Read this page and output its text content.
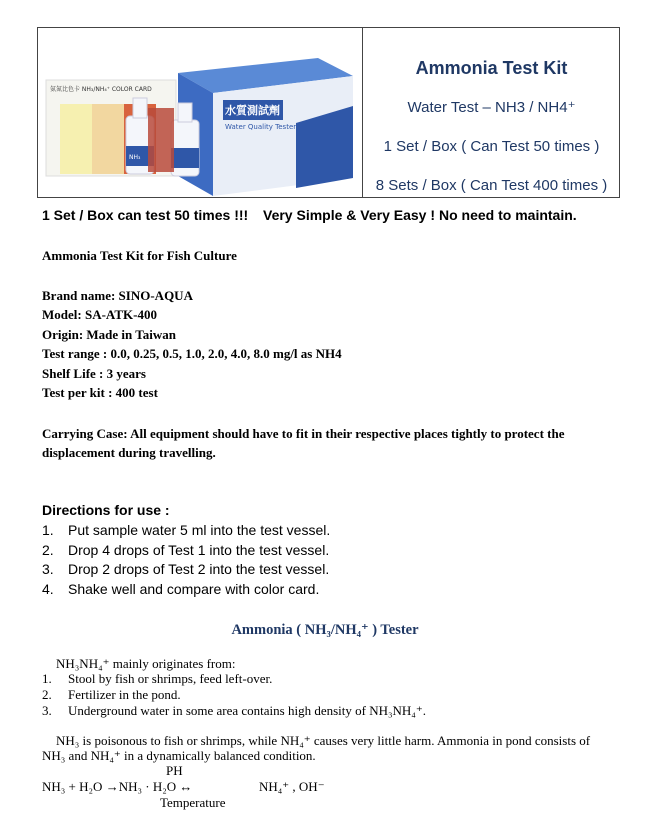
氨氮比色卡 NH₃/NH₄⁺ COLOR CARD
水質測試劑
Water Quality Tester
NH₃
Ammonia Test Kit
Water Test – NH3 / NH4⁺
1 Set / Box ( Can Test 50 times )
8 Sets / Box ( Can Test 400 times )
1 Set / Box can test 50 times !!! Very Simple & Very Easy ! No need to maintain.
Ammonia Test Kit for Fish Culture
Brand name: SINO-AQUA
Model: SA-ATK-400
Origin: Made in Taiwan
Test range : 0.0, 0.25, 0.5, 1.0, 2.0, 4.0, 8.0 mg/l as NH4
Shelf Life : 3 years
Test per kit : 400 test
Carrying Case: All equipment should have to fit in their respective places tightly to protect the
displacement during travelling.
Directions for use :
1. Put sample water 5 ml into the test vessel.
2. Drop 4 drops of Test 1 into the test vessel.
3. Drop 2 drops of Test 2 into the test vessel.
4. Shake well and compare with color card.
Ammonia ( NH₃/NH₄⁺ ) Tester
NH₃NH₄⁺ mainly originates from:
1. Stool by fish or shrimps, feed left-over.
2. Fertilizer in the pond.
3. Underground water in some area contains high density of NH₃NH₄⁺.
NH₃ is poisonous to fish or shrimps, while NH₄⁺ causes very little harm. Ammonia in pond consists of
NH₃ and NH₄⁺ in a dynamically balanced condition.
PH
NH₃ + H₂O →NH₃ · H₂O ↔	NH₄⁺ , OH⁻
Temperature
